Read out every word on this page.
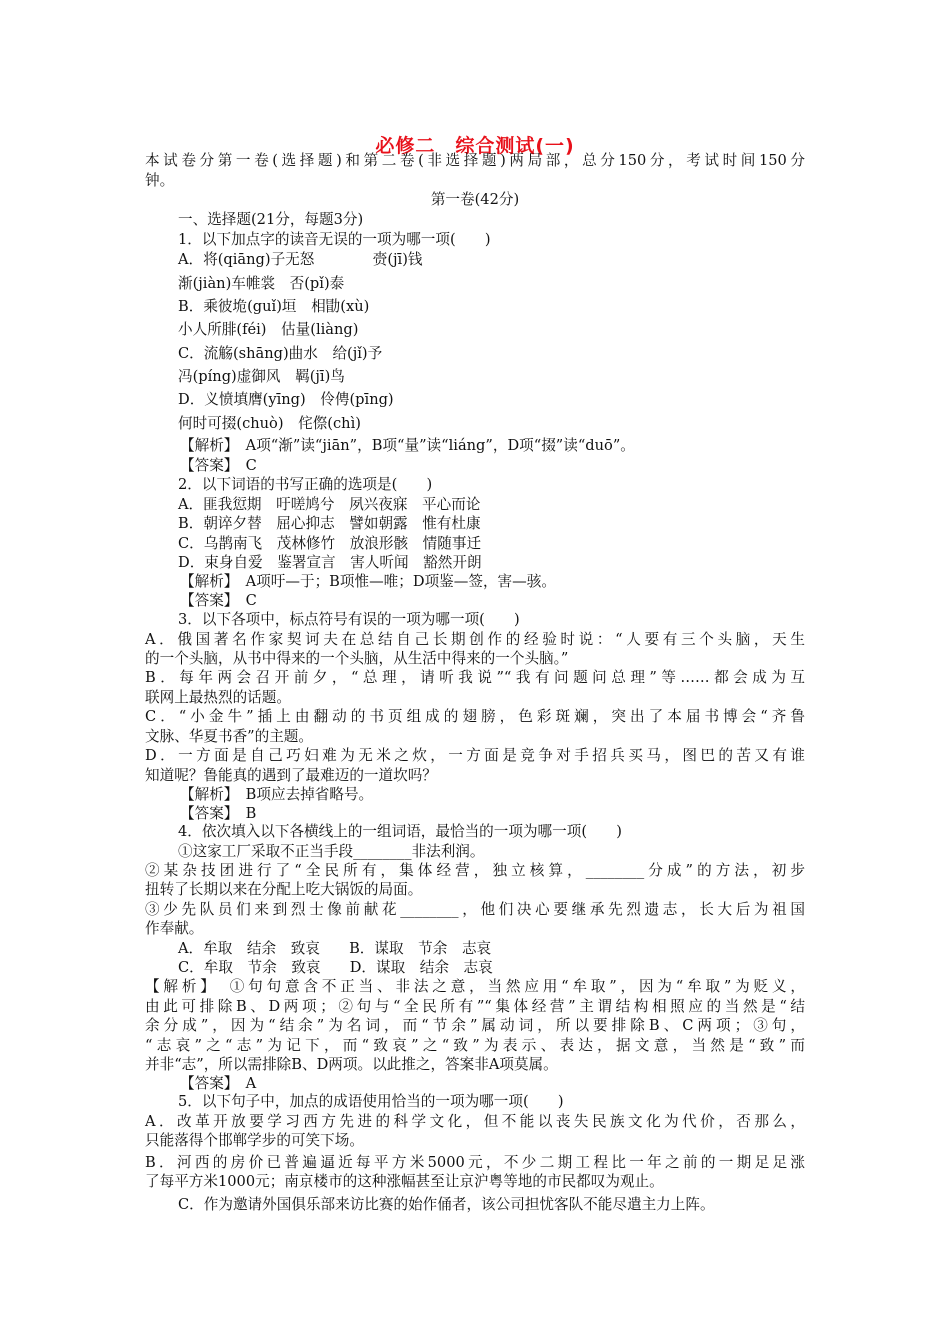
必修二　综合测试(一)
本试卷分第一卷(选择题)和第二卷(非选择题)两局部，总分150分，考试时间150分
钟。
第一卷(42分)
一、选择题(21分，每题3分)
1．以下加点字的读音无误的一项为哪一项(　　)
A．将(qiāng)子无怒　　　　赍(jī)钱
渐(jiàn)车帷裳　否(pǐ)泰
B．乘彼垝(guǐ)垣　相勖(xù)
小人所腓(féi)　估量(liàng)
C．流觞(shāng)曲水　给(jǐ)予
冯(píng)虚御风　羁(jī)鸟
D．义愤填膺(yīng)　伶俜(pīng)
何时可掇(chuò)　侘傺(chì)
【解析】　A项“渐”读“jiān”，B项“量”读“liáng”，D项“掇”读“duō”。
【答案】　C
2．以下词语的书写正确的选项是(　　)
A．匪我愆期　吁嗟鸠兮　夙兴夜寐　平心而论
B．朝谇夕替　屈心抑志　譬如朝露　惟有杜康
C．乌鹊南飞　茂林修竹　放浪形骸　情随事迁
D．束身自爱　鉴署宣言　害人听闻　豁然开朗
【解析】　A项吁—于；B项惟—唯；D项鉴—签，害—骇。
【答案】　C
3．以下各项中，标点符号有误的一项为哪一项(　　)
A．俄国著名作家契诃夫在总结自己长期创作的经验时说：“人要有三个头脑，天生
的一个头脑，从书中得来的一个头脑，从生活中得来的一个头脑。”
B．每年两会召开前夕，“总理，请听我说”“我有问题问总理”等……都会成为互
联网上最热烈的话题。
C．“小金牛”插上由翻动的书页组成的翅膀，色彩斑斓，突出了本届书博会“齐鲁
文脉、华夏书香”的主题。
D．一方面是自己巧妇难为无米之炊，一方面是竞争对手招兵买马，图巴的苦又有谁
知道呢？鲁能真的遇到了最难迈的一道坎吗？
【解析】　B项应去掉省略号。
【答案】　B
4．依次填入以下各横线上的一组词语，最恰当的一项为哪一项(　　)
①这家工厂采取不正当手段________非法利润。
②某杂技团进行了“全民所有，集体经营，独立核算，________分成”的方法，初步
扭转了长期以来在分配上吃大锅饭的局面。
③少先队员们来到烈士像前献花________，他们决心要继承先烈遗志，长大后为祖国
作奉献。
A．牟取　结余　致哀　　B．谋取　节余　志哀
C．牟取　节余　致哀　　D．谋取　结余　志哀
【解析】　①句句意含不正当、非法之意，当然应用“牟取”，因为“牟取”为贬义，
由此可排除B、D两项；②句与“全民所有”“集体经营”主谓结构相照应的当然是“结
余分成”，因为“结余”为名词，而“节余”属动词，所以要排除B、C两项；③句，
“志哀”之“志”为记下，而“致哀”之“致”为表示、表达，据文意，当然是“致”而
并非“志”，所以需排除B、D两项。以此推之，答案非A项莫属。
【答案】　A
5．以下句子中，加点的成语使用恰当的一项为哪一项(　　)
A．改革开放要学习西方先进的科学文化，但不能以丧失民族文化为代价，否那么，
只能落得个邯郸学步的可笑下场。
B．河西的房价已普遍逼近每平方米5000元，不少二期工程比一年之前的一期足足涨
了每平方米1000元；南京楼市的这种涨幅甚至让京沪粤等地的市民都叹为观止。
C．作为邀请外国俱乐部来访比赛的始作俑者，该公司担忧客队不能尽遣主力上阵。
